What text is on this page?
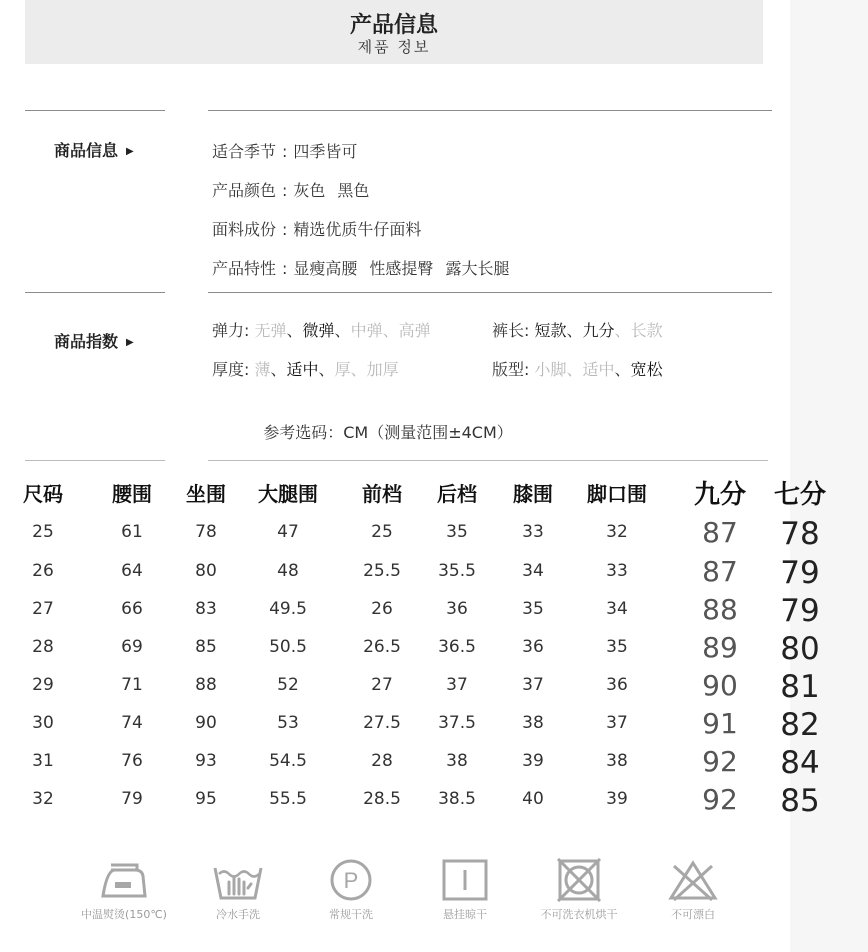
产品信息
제품 정보
商品信息 ▶	适合季节 : 四季皆可
产品颜色 : 灰色 黑色
面料成份 : 精选优质牛仔面料
产品特性 : 显瘦高腰 性感提臀 露大长腿
商品指数 ▶
弹力: 无弹、微弹、中弹、高弹	裤长: 短款、九分、长款
厚度: 薄、适中、厚、加厚	版型: 小脚、适中、宽松
参考选码：CM（测量范围±4CM）
尺码 腰围 坐围 大腿围 前档 后档 膝围 脚口围 九分 七分
25	61	78	47	25	35	33	32	87 78
26	64	80	48	25.5 35.5	34	33	87 79
27	66	83	49.5	26	36	35	34	88 79
28	69	85	50.5	26.5 36.5	36	35	89 80
29	71	88	52	27	37	37	36	90 81
30	74	90	53	27.5 37.5	38	37	91 82
31	76	93	54.5	28	38	39	38	92 84
32	79	95	55.5	28.5 38.5	40	39	92 85
中温熨烫(150℃)	冷水手洗
P
常规干洗	悬挂晾干	不可洗衣机烘干	不可漂白
